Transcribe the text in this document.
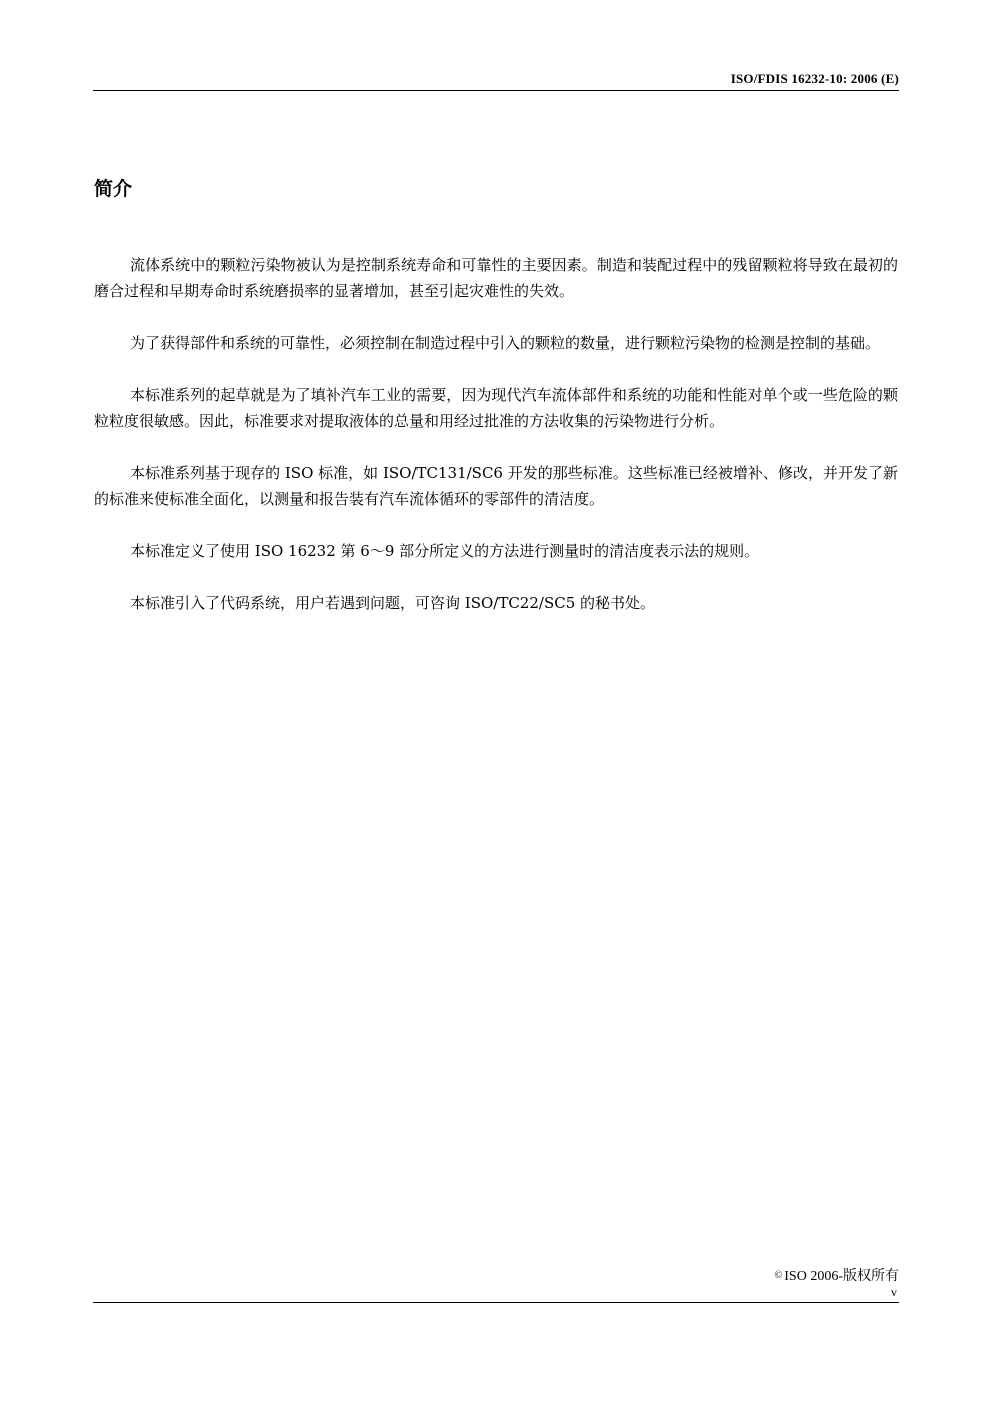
ISO/FDIS 16232-10: 2006 (E)
简介

流体系统中的颗粒污染物被认为是控制系统寿命和可靠性的主要因素。制造和装配过程中的残留颗粒将导致在最初的磨合过程和早期寿命时系统磨损率的显著增加，甚至引起灾难性的失效。

为了获得部件和系统的可靠性，必须控制在制造过程中引入的颗粒的数量，进行颗粒污染物的检测是控制的基础。

本标准系列的起草就是为了填补汽车工业的需要，因为现代汽车流体部件和系统的功能和性能对单个或一些危险的颗粒粒度很敏感。因此，标准要求对提取液体的总量和用经过批准的方法收集的污染物进行分析。

本标准系列基于现存的 ISO 标准，如 ISO/TC131/SC6 开发的那些标准。这些标准已经被增补、修改，并开发了新的标准来使标准全面化，以测量和报告装有汽车流体循环的零部件的清洁度。

本标准定义了使用 ISO 16232 第 6～9 部分所定义的方法进行测量时的清洁度表示法的规则。

本标准引入了代码系统，用户若遇到问题，可咨询 ISO/TC22/SC5 的秘书处。

© ISO 2006-版权所有
v
